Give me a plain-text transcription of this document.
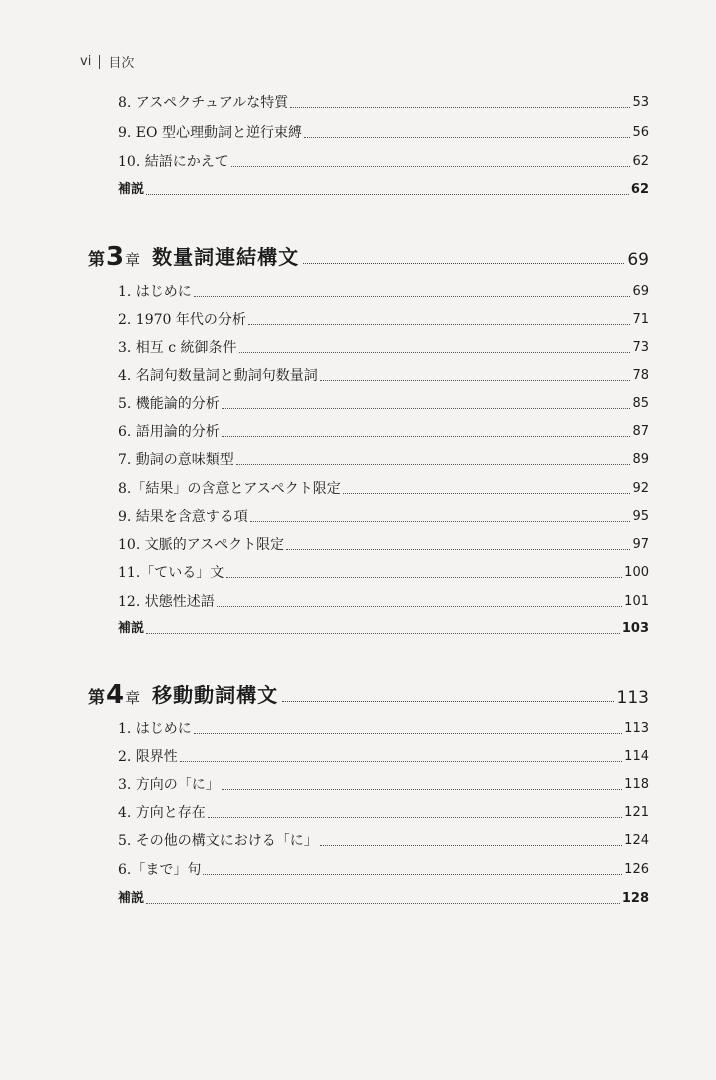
vi 目次
8. アスペクチュアルな特質	53
9. EO 型心理動詞と逆行束縛	56
10. 結語にかえて	62
補説	62
第 3 章 数量詞連結構文	69
1. はじめに	69
2. 1970 年代の分析	71
3. 相互 c 統御条件	73
4. 名詞句数量詞と動詞句数量詞	78
5. 機能論的分析	85
6. 語用論的分析	87
7. 動詞の意味類型	89
8.「結果」の含意とアスペクト限定	92
9. 結果を含意する項	95
10. 文脈的アスペクト限定	97
11.「ている」文	100
12. 状態性述語	101
補説	103
第 4 章 移動動詞構文	113
1. はじめに	113
2. 限界性	114
3. 方向の「に」	118
4. 方向と存在	121
5. その他の構文における「に」	124
6.「まで」句	126
補説	128
